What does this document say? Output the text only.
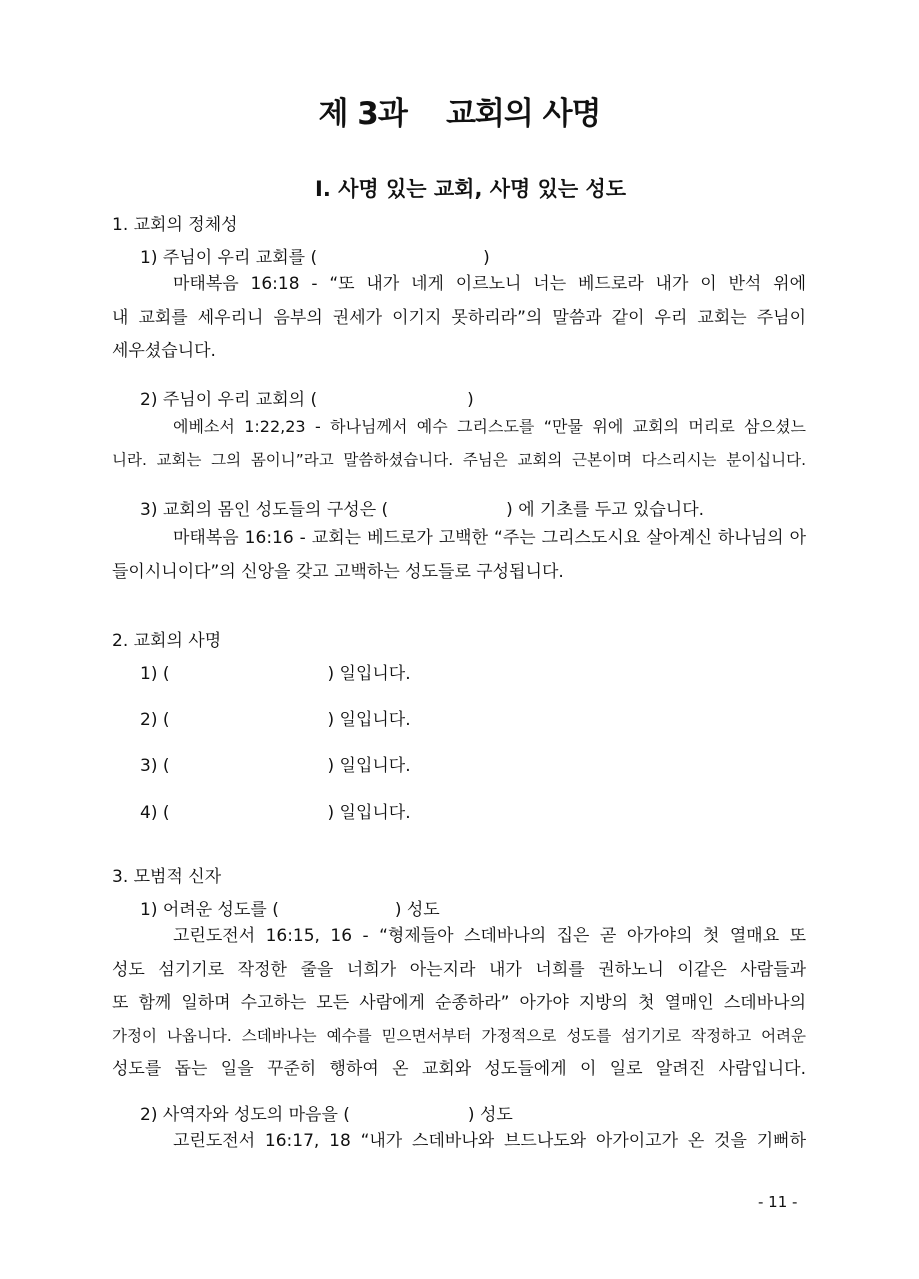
제 3과    교회의 사명
I. 사명 있는 교회, 사명 있는 성도
1. 교회의 정체성
1) 주님이 우리 교회를 (	)
마태복음 16:18 - “또 내가 네게 이르노니 너는 베드로라 내가 이 반석 위에
내 교회를 세우리니 음부의 권세가 이기지 못하리라”의 말씀과 같이 우리 교회는 주님이
세우셨습니다.
2) 주님이 우리 교회의 (	)
에베소서 1:22,23 - 하나님께서 예수 그리스도를 “만물 위에 교회의 머리로 삼으셨느
니라. 교회는 그의 몸이니”라고 말씀하셨습니다. 주님은 교회의 근본이며 다스리시는 분이십니다.
3) 교회의 몸인 성도들의 구성은 (	) 에 기초를 두고 있습니다.
마태복음 16:16 - 교회는 베드로가 고백한 “주는 그리스도시요 살아계신 하나님의 아
들이시니이다”의 신앙을 갖고 고백하는 성도들로 구성됩니다.
2. 교회의 사명
1) (	) 일입니다.
2) (	) 일입니다.
3) (	) 일입니다.
4) (	) 일입니다.
3. 모범적 신자
1) 어려운 성도를 (	) 성도
고린도전서 16:15, 16 - “형제들아 스데바나의 집은 곧 아가야의 첫 열매요 또
성도 섬기기로 작정한 줄을 너희가 아는지라 내가 너희를 권하노니 이같은 사람들과
또 함께 일하며 수고하는 모든 사람에게 순종하라” 아가야 지방의 첫 열매인 스데바나의
가정이 나옵니다. 스데바나는 예수를 믿으면서부터 가정적으로 성도를 섬기기로 작정하고 어려운
성도를 돕는 일을 꾸준히 행하여 온 교회와 성도들에게 이 일로 알려진 사람입니다.
2) 사역자와 성도의 마음을 (	) 성도
고린도전서 16:17, 18 “내가 스데바나와 브드나도와 아가이고가 온 것을 기뻐하
- 11 -
